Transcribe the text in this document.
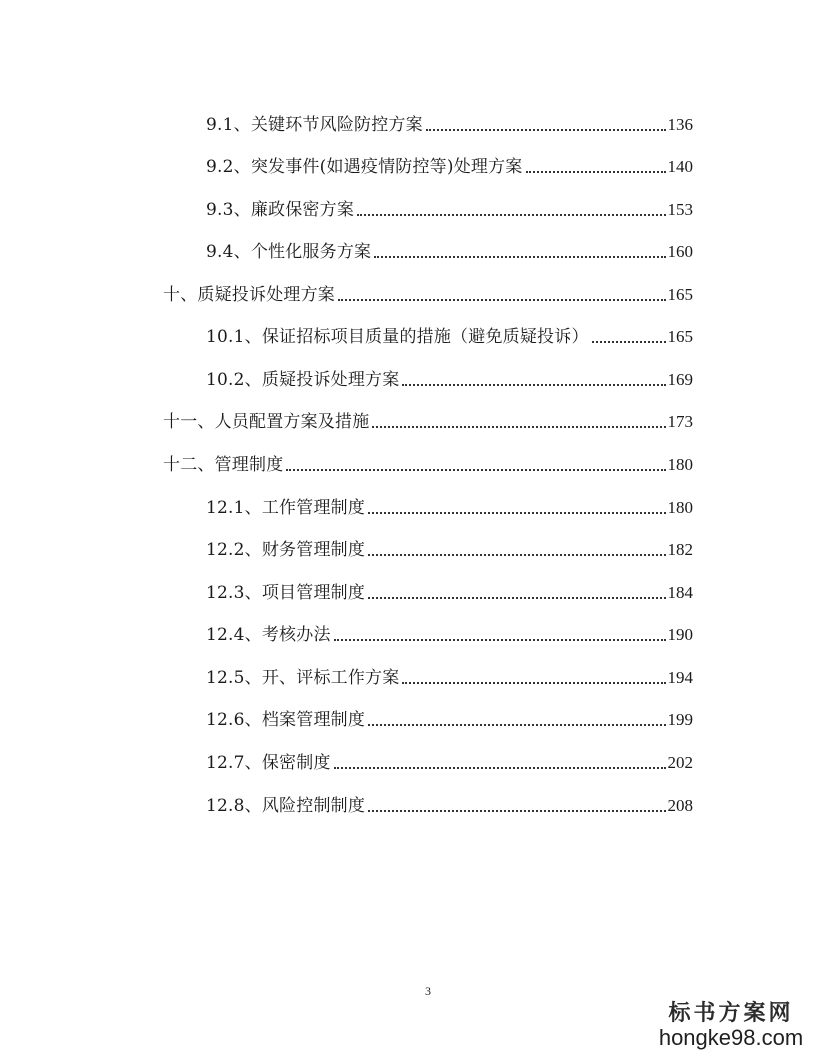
9.1、关键环节风险防控方案	136
9.2、突发事件(如遇疫情防控等)处理方案	140
9.3、廉政保密方案	153
9.4、个性化服务方案	160
十、质疑投诉处理方案	165
10.1、保证招标项目质量的措施（避免质疑投诉）	165
10.2、质疑投诉处理方案	169
十一、人员配置方案及措施	173
十二、管理制度	180
12.1、工作管理制度	180
12.2、财务管理制度	182
12.3、项目管理制度	184
12.4、考核办法	190
12.5、开、评标工作方案	194
12.6、档案管理制度	199
12.7、保密制度	202
12.8、风险控制制度	208
3
标书方案网
hongke98.com
